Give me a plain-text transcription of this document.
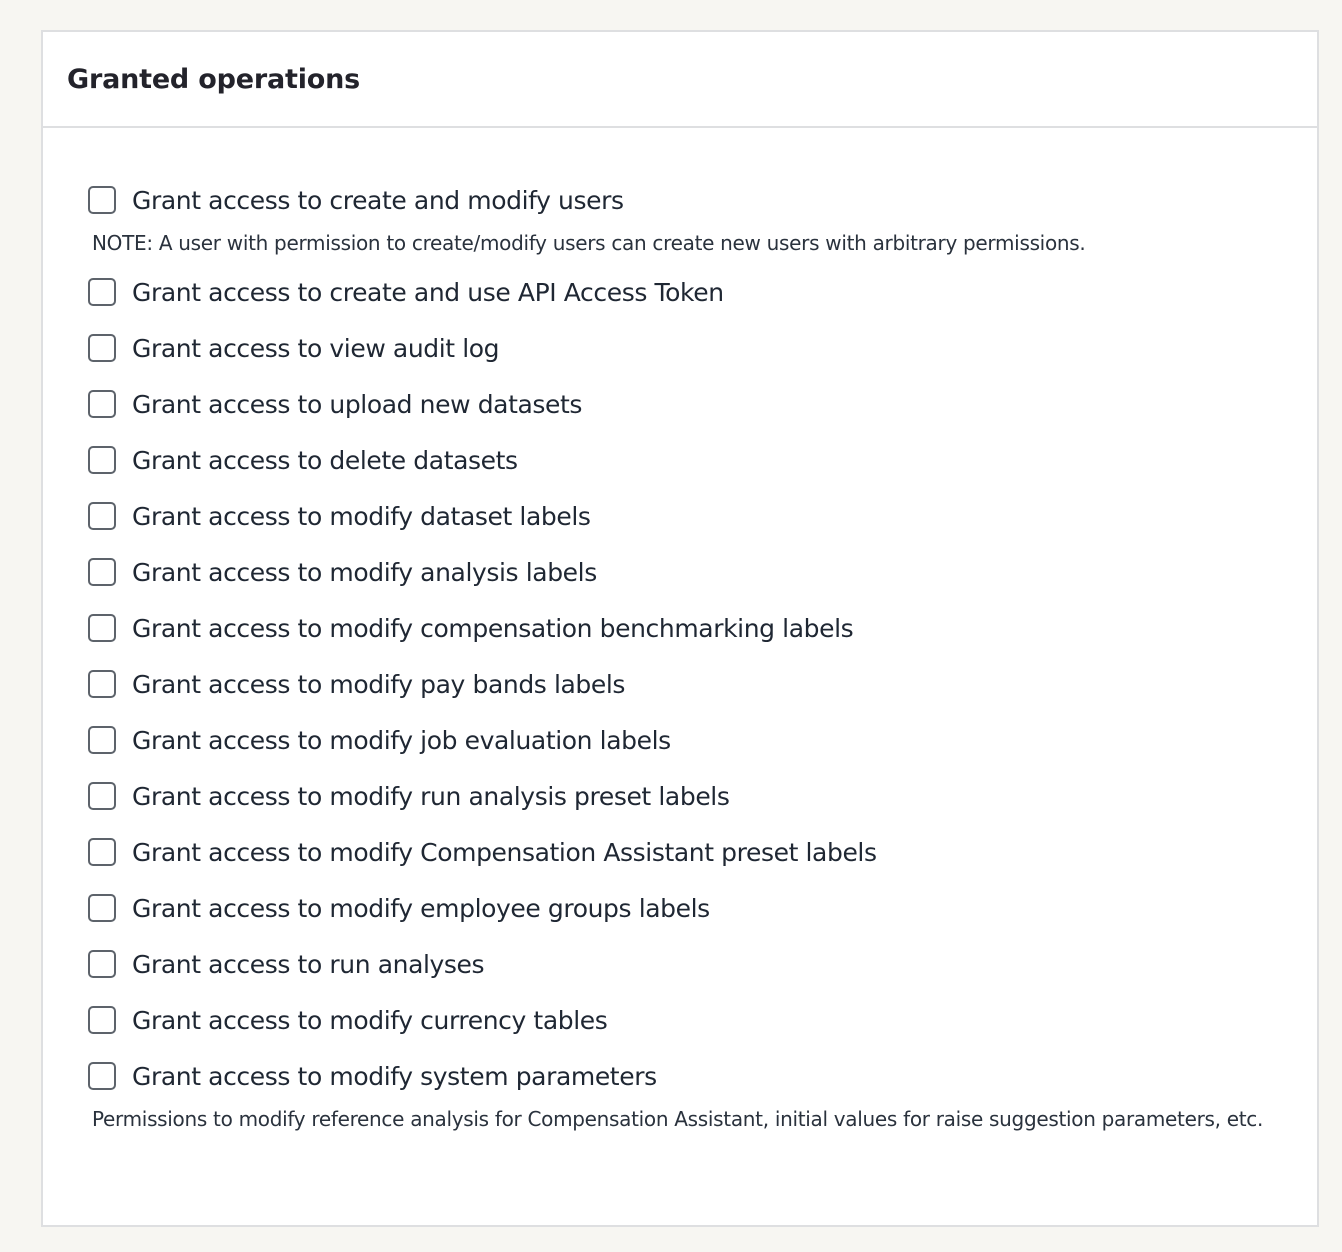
Granted operations
Grant access to create and modify users
NOTE: A user with permission to create/modify users can create new users with arbitrary permissions.
Grant access to create and use API Access Token
Grant access to view audit log
Grant access to upload new datasets
Grant access to delete datasets
Grant access to modify dataset labels
Grant access to modify analysis labels
Grant access to modify compensation benchmarking labels
Grant access to modify pay bands labels
Grant access to modify job evaluation labels
Grant access to modify run analysis preset labels
Grant access to modify Compensation Assistant preset labels
Grant access to modify employee groups labels
Grant access to run analyses
Grant access to modify currency tables
Grant access to modify system parameters
Permissions to modify reference analysis for Compensation Assistant, initial values for raise suggestion parameters, etc.
